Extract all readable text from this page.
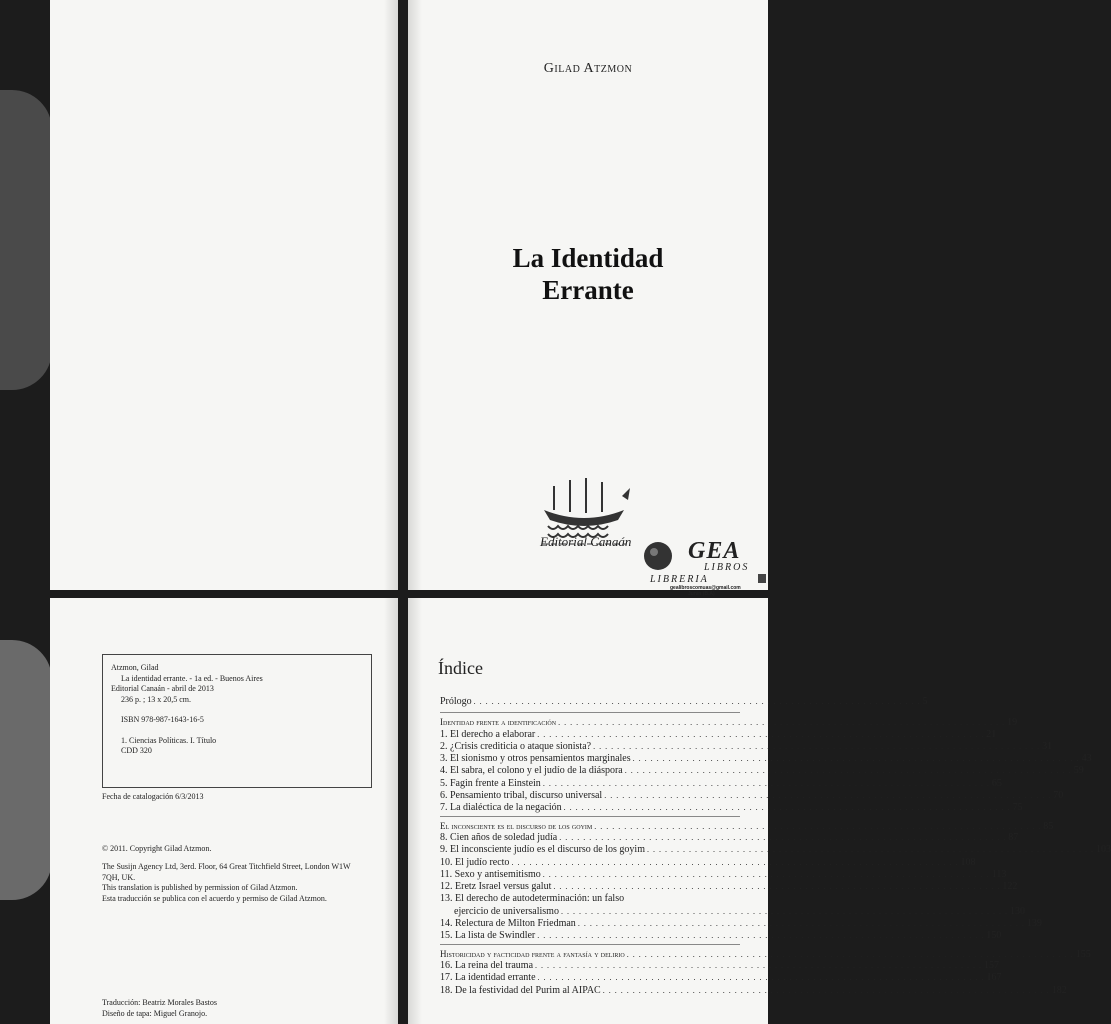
Gilad Atzmon
La Identidad
Errante
Editorial Canaán GEA
LIBROS
LIBRERIA
gealibroscomuas@gmail.com
Junín (B.A)
Atzmon, Gilad
La identidad errante. - 1a ed. - Buenos Aires
Editorial Canaán - abril de 2013
236 p. ; 13 x 20,5 cm.
ISBN 978-987-1643-16-5
1. Ciencias Políticas. I. Título
CDD 320
Fecha de catalogación 6/3/2013
© 2011. Copyright Gilad Atzmon.
The Susijn Agency Ltd, 3erd. Floor, 64 Great Titchfield Street, London W1W
7QH, UK.
This translation is published by permission of Gilad Atzmon.
Esta traducción se publica con el acuerdo y permiso de Gilad Atzmon.
Traducción: Beatriz Morales Bastos
Diseño de tapa: Miguel Granojo.
Índice
Prólogo . . .	5
Identidad frente a identificación . . .	19
1. El derecho a elaborar . . .	21
2. ¿Crisis crediticia o ataque sionista? . . .	31
3. El sionismo y otros pensamientos marginales . . .	43
4. El sabra, el colono y el judío de la diáspora . . .	59
5. Fagin frente a Einstein . . .	65
6. Pensamiento tribal, discurso universal . . .	70
7. La dialéctica de la negación . . .	75
El inconsciente es el discurso de los goyim . . .	85
8. Cien años de soledad judía . . .	87
9. El inconsciente judío es el discurso de los goyim . . .	103
10. El judío recto . . .	108
11. Sexo y antisemitismo . . .	113
12. Eretz Israel versus galut . . .	122
13. El derecho de autodeterminación: un falso
ejercicio de universalismo . . .	130
14. Relectura de Milton Friedman . . .	139
15. La lista de Swindler . . .	150
Historicidad y facticidad frente a fantasía y delirio . . .	155
16. La reina del trauma . . .	157
17. La identidad errante . . .	167
18. De la festividad del Purim al AIPAC . . .	182
